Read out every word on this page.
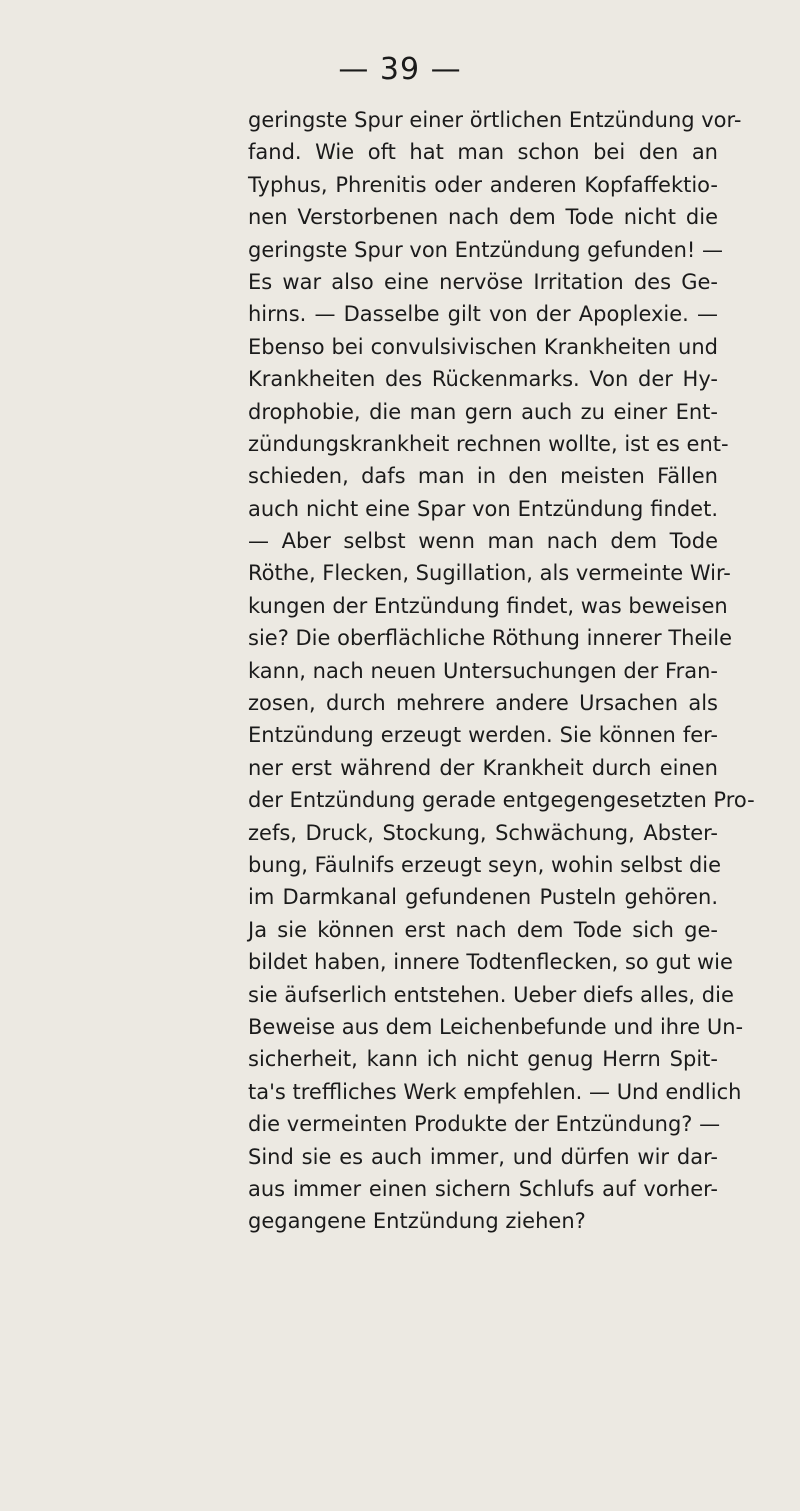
— 39 —
geringste Spur einer örtlichen Entzündung vor-
fand. Wie oft hat man schon bei den an
Typhus, Phrenitis oder anderen Kopfaffektio-
nen Verstorbenen nach dem Tode nicht die
geringste Spur von Entzündung gefunden! —
Es war also eine nervöse Irritation des Ge-
hirns. — Dasselbe gilt von der Apoplexie. —
Ebenso bei convulsivischen Krankheiten und
Krankheiten des Rückenmarks. Von der Hy-
drophobie, die man gern auch zu einer Ent-
zündungskrankheit rechnen wollte, ist es ent-
schieden, dafs man in den meisten Fällen
auch nicht eine Spar von Entzündung findet.
— Aber selbst wenn man nach dem Tode
Röthe, Flecken, Sugillation, als vermeinte Wir-
kungen der Entzündung findet, was beweisen
sie? Die oberflächliche Röthung innerer Theile
kann, nach neuen Untersuchungen der Fran-
zosen, durch mehrere andere Ursachen als
Entzündung erzeugt werden. Sie können fer-
ner erst während der Krankheit durch einen
der Entzündung gerade entgegengesetzten Pro-
zefs, Druck, Stockung, Schwächung, Abster-
bung, Fäulnifs erzeugt seyn, wohin selbst die
im Darmkanal gefundenen Pusteln gehören.
Ja sie können erst nach dem Tode sich ge-
bildet haben, innere Todtenflecken, so gut wie
sie äufserlich entstehen. Ueber diefs alles, die
Beweise aus dem Leichenbefunde und ihre Un-
sicherheit, kann ich nicht genug Herrn Spit-
ta's treffliches Werk empfehlen. — Und endlich
die vermeinten Produkte der Entzündung? —
Sind sie es auch immer, und dürfen wir dar-
aus immer einen sichern Schlufs auf vorher-
gegangene Entzündung ziehen?
